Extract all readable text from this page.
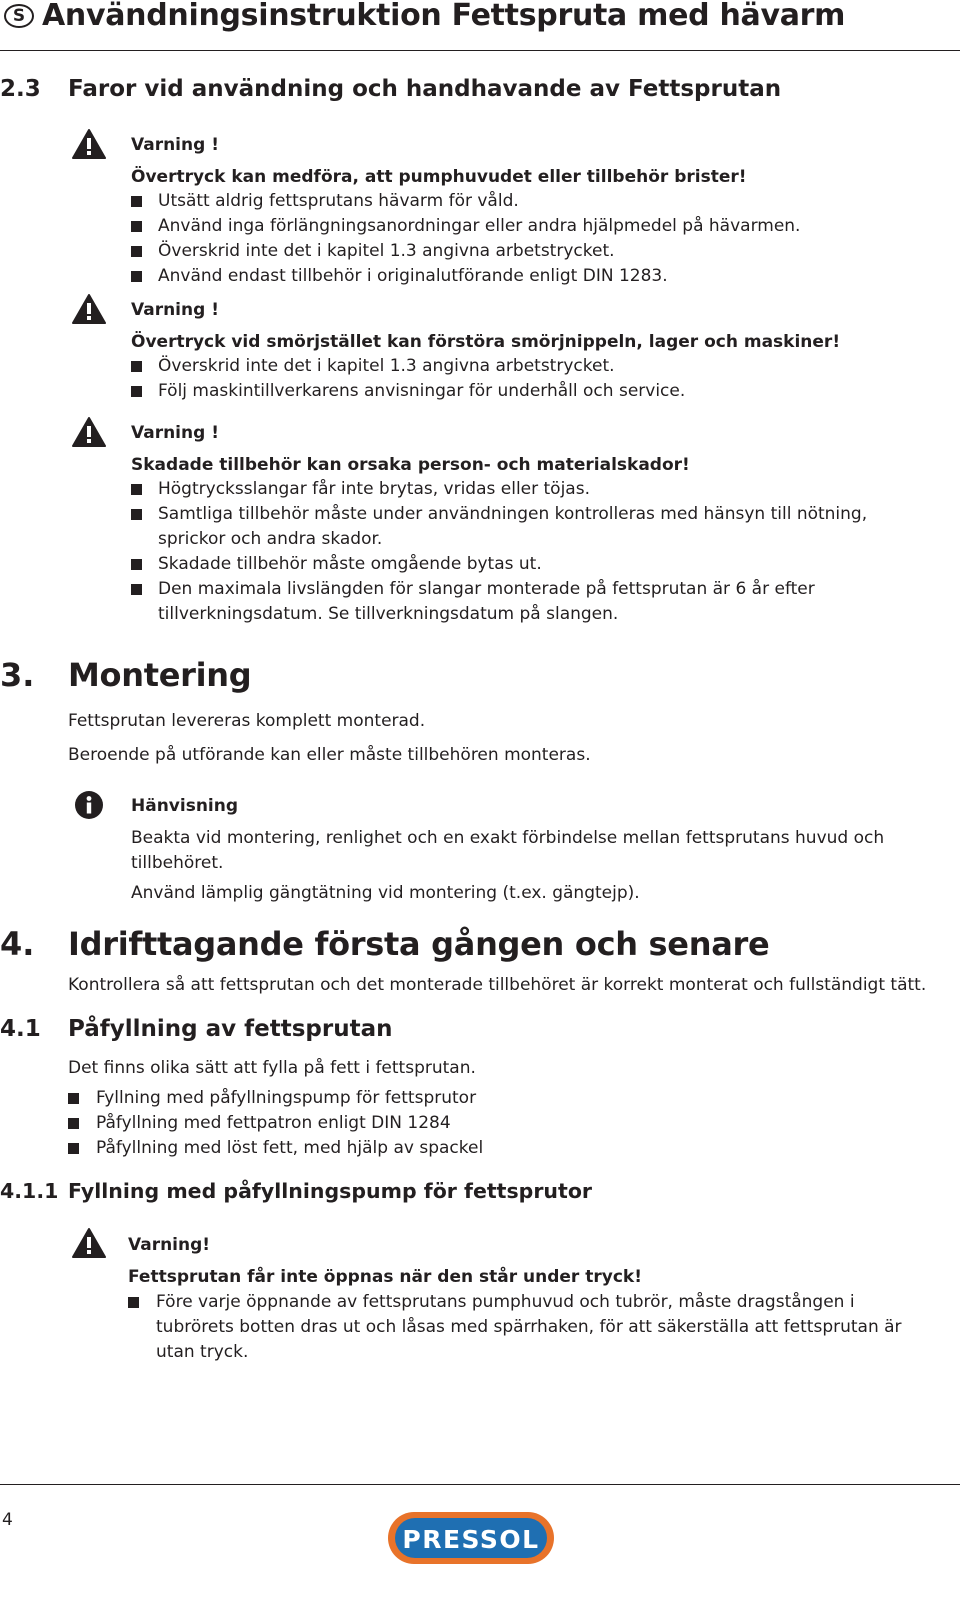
S Användningsinstruktion Fettspruta med hävarm
2.3 Faror vid användning och handhavande av Fettsprutan
Varning !
Övertryck kan medföra, att pumphuvudet eller tillbehör brister!
Utsätt aldrig fettsprutans hävarm för våld.
Använd inga förlängningsanordningar eller andra hjälpmedel på hävarmen.
Överskrid inte det i kapitel 1.3 angivna arbetstrycket.
Använd endast tillbehör i originalutförande enligt DIN 1283.
Varning !
Övertryck vid smörjstället kan förstöra smörjnippeln, lager och maskiner!
Överskrid inte det i kapitel 1.3 angivna arbetstrycket.
Följ maskintillverkarens anvisningar för underhåll och service.
Varning !
Skadade tillbehör kan orsaka person- och materialskador!
Högtrycksslangar får inte brytas, vridas eller töjas.
Samtliga tillbehör måste under användningen kontrolleras med hänsyn till nötning,
sprickor och andra skador.
Skadade tillbehör måste omgående bytas ut.
Den maximala livslängden för slangar monterade på fettsprutan är 6 år efter
tillverkningsdatum. Se tillverkningsdatum på slangen.
3. Montering
Fettsprutan levereras komplett monterad.
Beroende på utförande kan eller måste tillbehören monteras.
Hänvisning
Beakta vid montering, renlighet och en exakt förbindelse mellan fettsprutans huvud och
tillbehöret.
Använd lämplig gängtätning vid montering (t.ex. gängtejp).
4. Idrifttagande första gången och senare
Kontrollera så att fettsprutan och det monterade tillbehöret är korrekt monterat och fullständigt tätt.
4.1 Påfyllning av fettsprutan
Det finns olika sätt att fylla på fett i fettsprutan.
Fyllning med påfyllningspump för fettsprutor
Påfyllning med fettpatron enligt DIN 1284
Påfyllning med löst fett, med hjälp av spackel
4.1.1 Fyllning med påfyllningspump för fettsprutor
Varning!
Fettsprutan får inte öppnas när den står under tryck!
Före varje öppnande av fettsprutans pumphuvud och tubrör, måste dragstången i
tubrörets botten dras ut och låsas med spärrhaken, för att säkerställa att fettsprutan är
utan tryck.
4
PRESSOL
